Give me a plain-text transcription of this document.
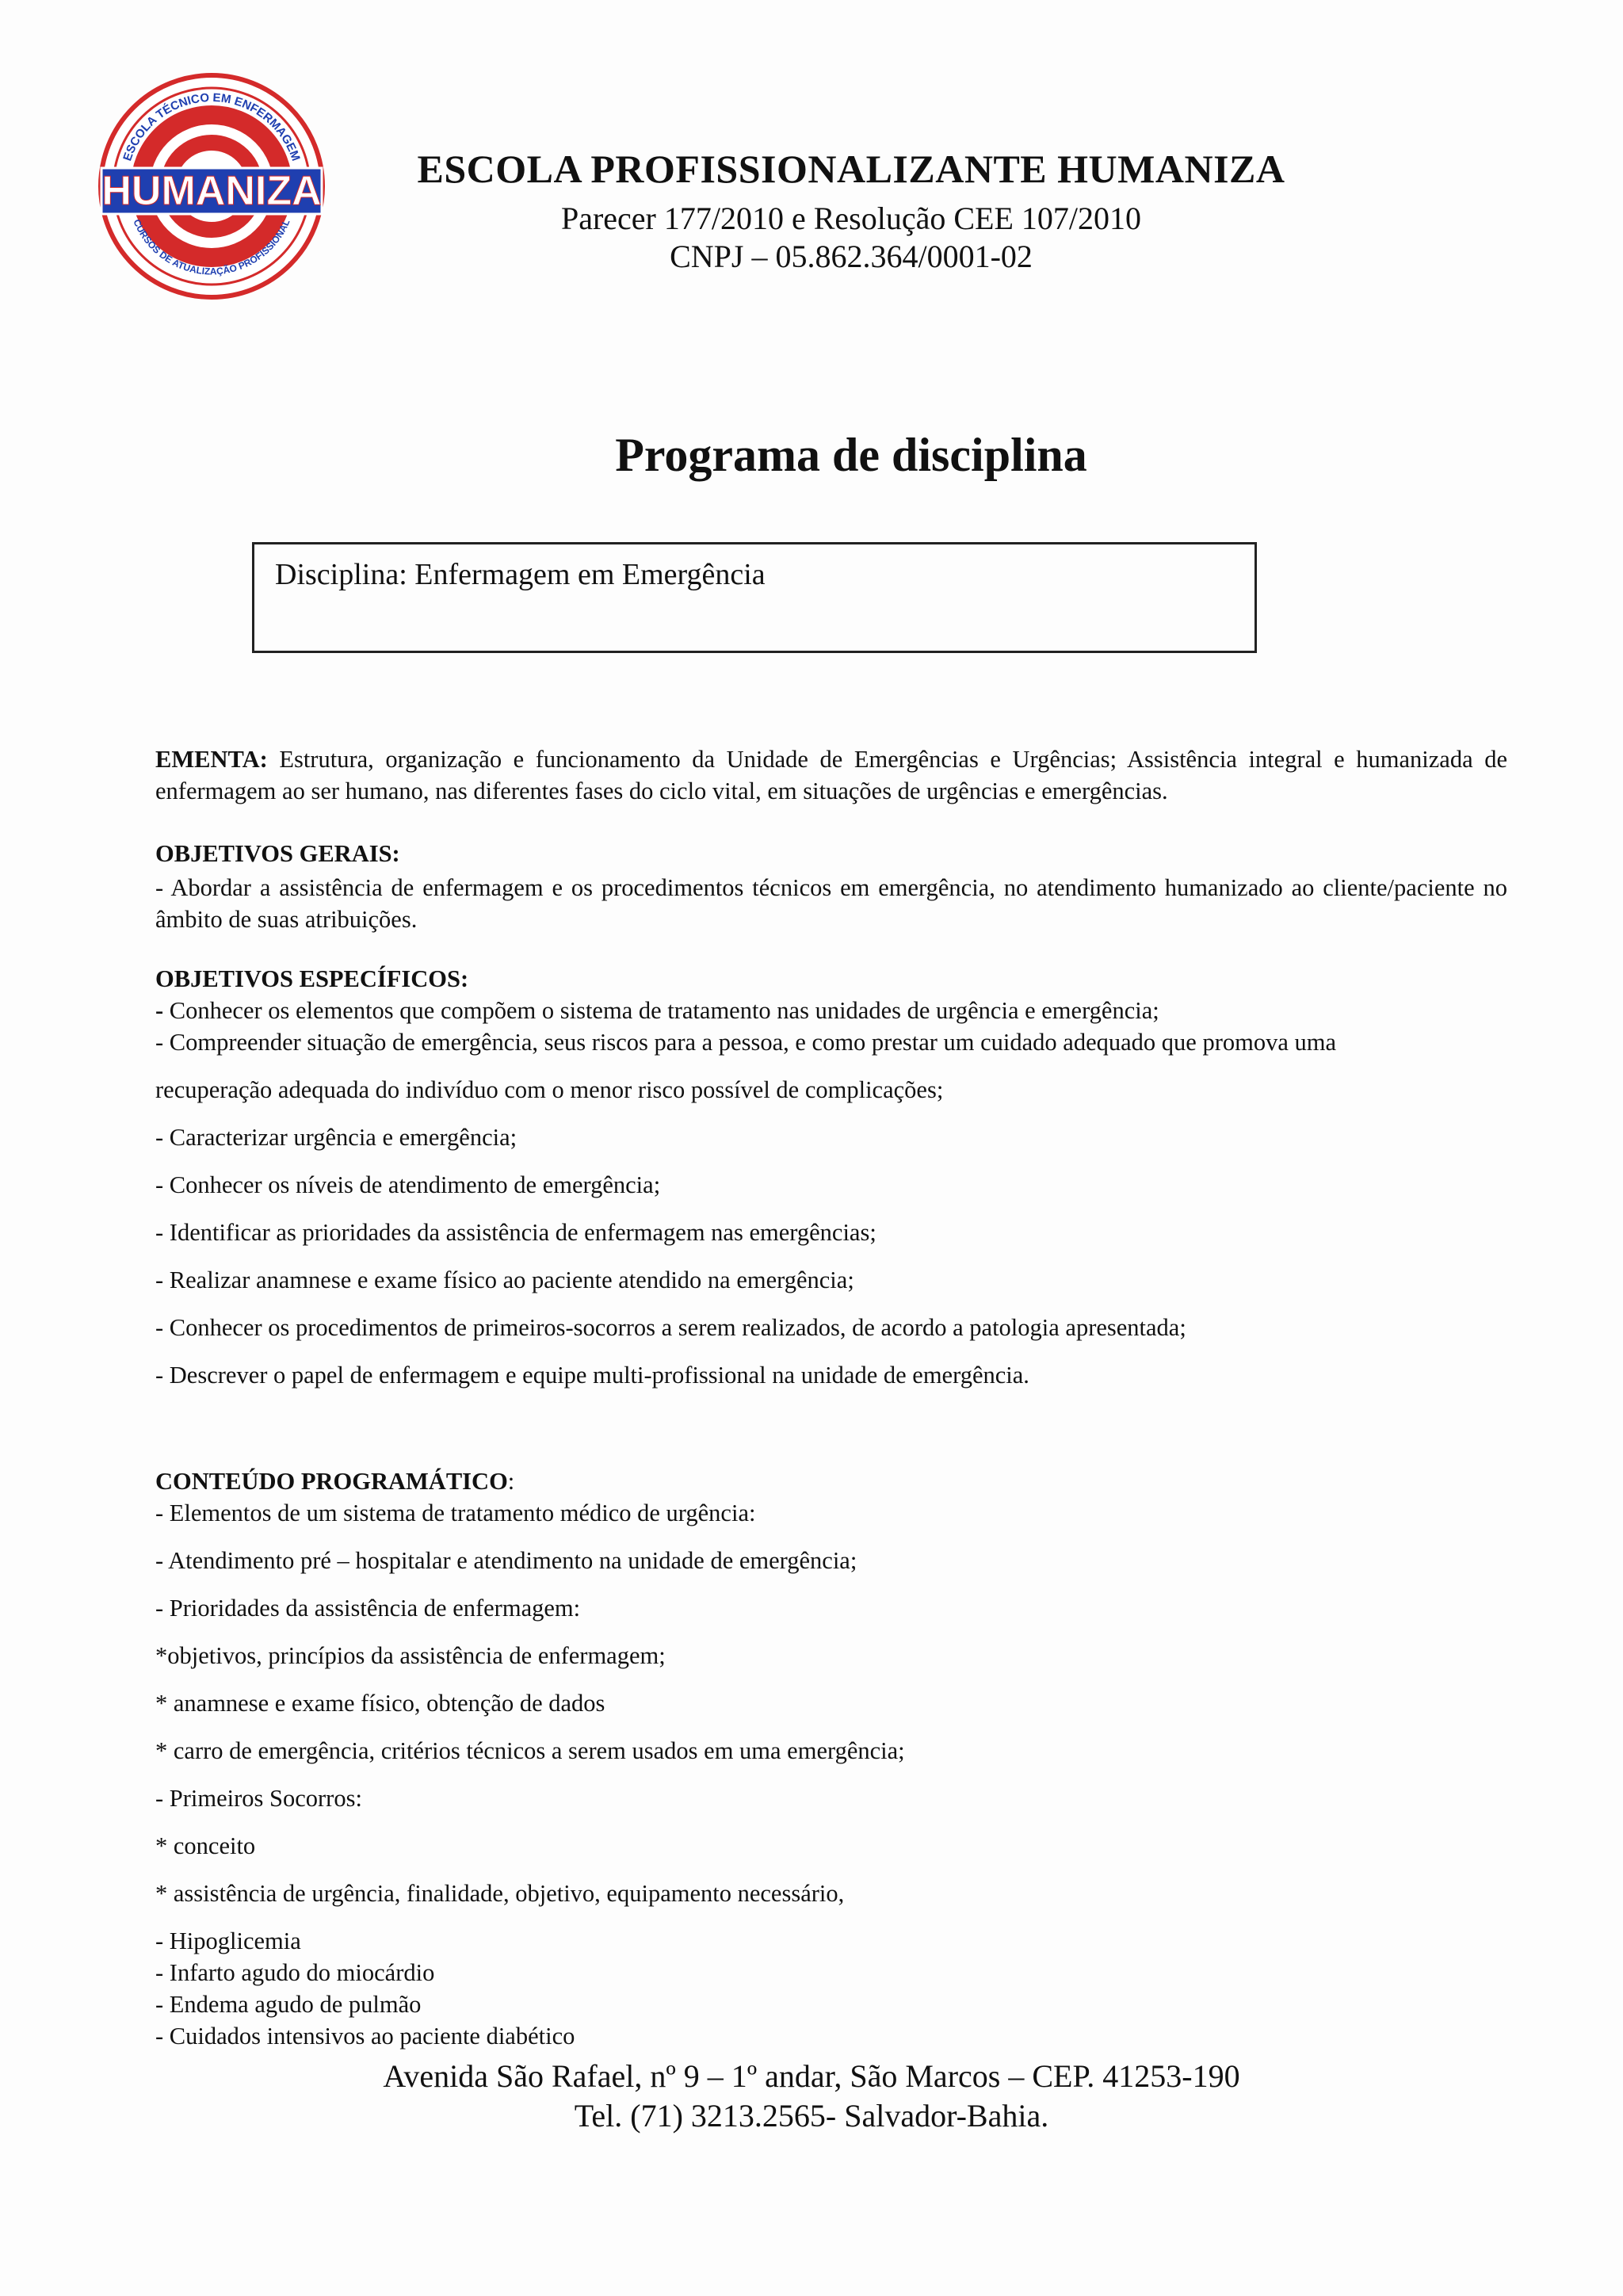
ESCOLA TÉCNICO EM ENFERMAGEM
CURSOS DE ATUALIZAÇÃO PROFISSIONAL
HUMANIZA	ESCOLA PROFISSIONALIZANTE HUMANIZA
Parecer 177/2010 e Resolução CEE 107/2010
CNPJ – 05.862.364/0001-02
Programa de disciplina
Disciplina: Enfermagem em Emergência
EMENTA: Estrutura, organização e funcionamento da Unidade de Emergências e Urgências; Assistência integral e humanizada de enfermagem ao ser humano, nas diferentes fases do ciclo vital, em situações de urgências e emergências.
OBJETIVOS GERAIS:
- Abordar a assistência de enfermagem e os procedimentos técnicos em emergência, no atendimento humanizado ao cliente/paciente no âmbito de suas atribuições.
OBJETIVOS ESPECÍFICOS:
- Conhecer os elementos que compõem o sistema de tratamento nas unidades de urgência e emergência;
- Compreender situação de emergência, seus riscos para a pessoa, e como prestar um cuidado adequado que promova uma
recuperação adequada do indivíduo com o menor risco possível de complicações;
- Caracterizar urgência e emergência;
- Conhecer os níveis de atendimento de emergência;
- Identificar as prioridades da assistência de enfermagem nas emergências;
- Realizar anamnese e exame físico ao paciente atendido na emergência;
- Conhecer os procedimentos de primeiros-socorros a serem realizados, de acordo a patologia apresentada;
- Descrever o papel de enfermagem e equipe multi-profissional na unidade de emergência.
CONTEÚDO PROGRAMÁTICO:
- Elementos de um sistema de tratamento médico de urgência:
- Atendimento pré – hospitalar e atendimento na unidade de emergência;
- Prioridades da assistência de enfermagem:
*objetivos, princípios da assistência de enfermagem;
* anamnese e exame físico, obtenção de dados
* carro de emergência, critérios técnicos a serem usados em uma emergência;
- Primeiros Socorros:
* conceito
* assistência de urgência, finalidade, objetivo, equipamento necessário,
- Hipoglicemia
- Infarto agudo do miocárdio
- Endema agudo de pulmão
- Cuidados intensivos ao paciente diabético
Avenida São Rafael, nº 9 – 1º andar, São Marcos – CEP. 41253-190
Tel. (71) 3213.2565- Salvador-Bahia.
